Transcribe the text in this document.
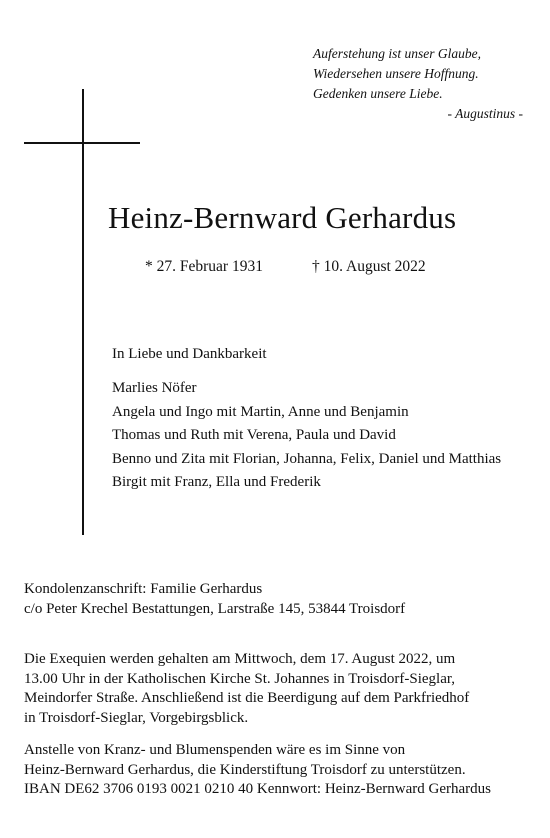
Auferstehung ist unser Glaube,
Wiedersehen unsere Hoffnung.
Gedenken unsere Liebe.
- Augustinus -
Heinz-Bernward Gerhardus
* 27. Februar 1931	† 10. August 2022
In Liebe und Dankbarkeit
Marlies Nöfer
Angela und Ingo mit Martin, Anne und Benjamin
Thomas und Ruth mit Verena, Paula und David
Benno und Zita mit Florian, Johanna, Felix, Daniel und Matthias
Birgit mit Franz, Ella und Frederik
Kondolenzanschrift: Familie Gerhardus
c/o Peter Krechel Bestattungen, Larstraße 145, 53844 Troisdorf
Die Exequien werden gehalten am Mittwoch, dem 17. August 2022, um
13.00 Uhr in der Katholischen Kirche St. Johannes in Troisdorf-Sieglar,
Meindorfer Straße. Anschließend ist die Beerdigung auf dem Parkfriedhof
in Troisdorf-Sieglar, Vorgebirgsblick.
Anstelle von Kranz- und Blumenspenden wäre es im Sinne von
Heinz-Bernward Gerhardus, die Kinderstiftung Troisdorf zu unterstützen.
IBAN DE62 3706 0193 0021 0210 40 Kennwort: Heinz-Bernward Gerhardus
